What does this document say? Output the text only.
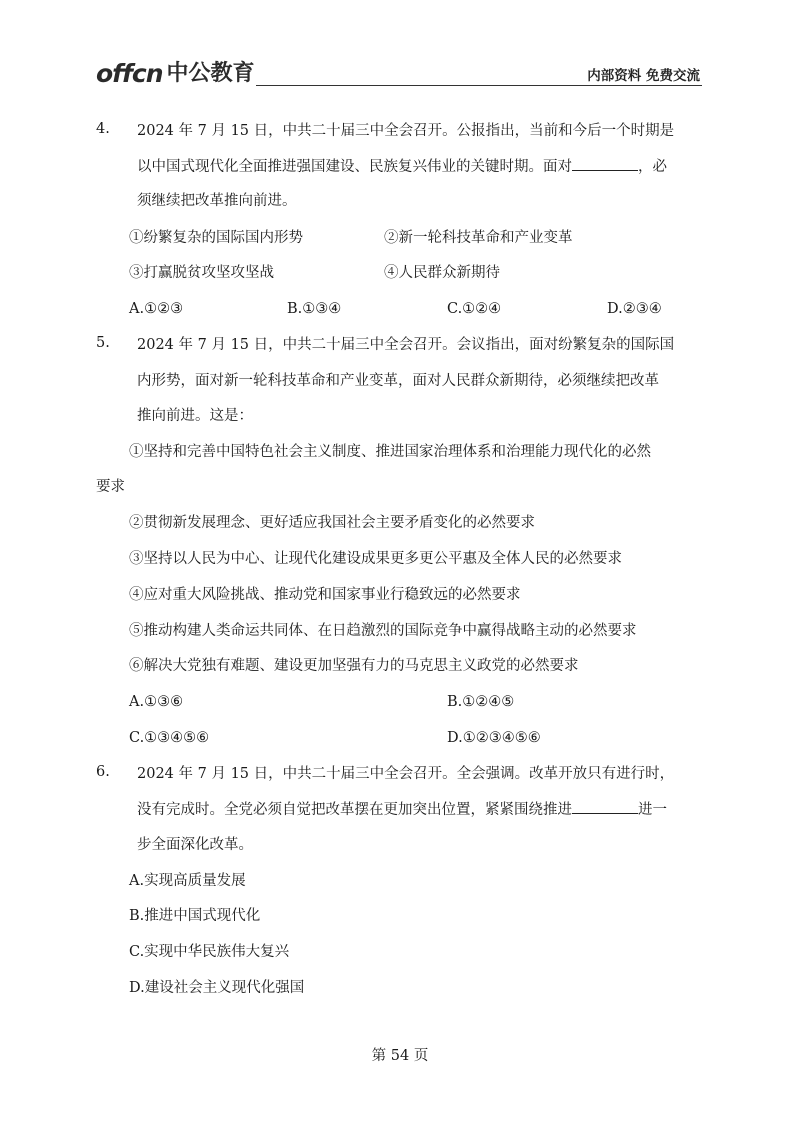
offcn 中公教育	内部资料 免费交流
4. 2024 年 7 月 15 日，中共二十届三中全会召开。公报指出，当前和今后一个时期是
以中国式现代化全面推进强国建设、民族复兴伟业的关键时期。面对	，必
须继续把改革推向前进。
①纷繁复杂的国际国内形势	②新一轮科技革命和产业变革
③打赢脱贫攻坚攻坚战	④人民群众新期待
A.①②③	B.①③④	C.①②④	D.②③④
5. 2024 年 7 月 15 日，中共二十届三中全会召开。会议指出，面对纷繁复杂的国际国
内形势，面对新一轮科技革命和产业变革，面对人民群众新期待，必须继续把改革
推向前进。这是：
①坚持和完善中国特色社会主义制度、推进国家治理体系和治理能力现代化的必然
要求
②贯彻新发展理念、更好适应我国社会主要矛盾变化的必然要求
③坚持以人民为中心、让现代化建设成果更多更公平惠及全体人民的必然要求
④应对重大风险挑战、推动党和国家事业行稳致远的必然要求
⑤推动构建人类命运共同体、在日趋激烈的国际竞争中赢得战略主动的必然要求
⑥解决大党独有难题、建设更加坚强有力的马克思主义政党的必然要求
A.①③⑥	B.①②④⑤
C.①③④⑤⑥	D.①②③④⑤⑥
6. 2024 年 7 月 15 日，中共二十届三中全会召开。全会强调。改革开放只有进行时，
没有完成时。全党必须自觉把改革摆在更加突出位置，紧紧围绕推进	进一
步全面深化改革。
A.实现高质量发展
B.推进中国式现代化
C.实现中华民族伟大复兴
D.建设社会主义现代化强国
第 54 页
